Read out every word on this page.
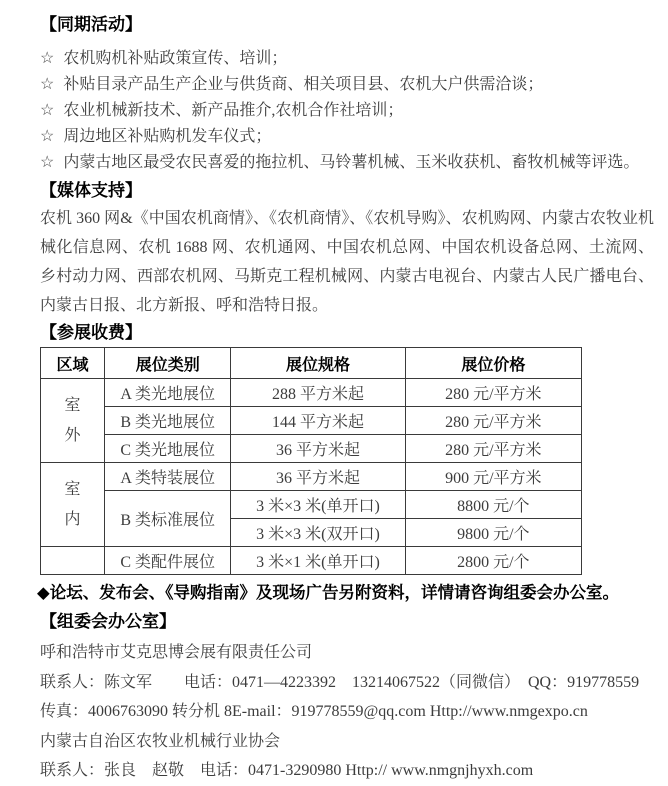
【同期活动】
☆ 农机购机补贴政策宣传、培训；
☆ 补贴目录产品生产企业与供货商、相关项目县、农机大户供需洽谈；
☆ 农业机械新技术、新产品推介,农机合作社培训；
☆ 周边地区补贴购机发车仪式；
☆ 内蒙古地区最受农民喜爱的拖拉机、马铃薯机械、玉米收获机、畜牧机械等评选。
【媒体支持】

农机 360 网&《中国农机商情》、《农机商情》、《农机导购》、农机购网、内蒙古农牧业机械化信息网、农机 1688 网、农机通网、中国农机总网、中国农机设备总网、土流网、乡村动力网、西部农机网、马斯克工程机械网、内蒙古电视台、内蒙古人民广播电台、内蒙古日报、北方新报、呼和浩特日报。

【参展收费】
区域	展位类别	展位规格	展位价格
室外	A 类光地展位	288 平方米起	280 元/平方米
	B 类光地展位	144 平方米起	280 元/平方米
	C 类光地展位	36 平方米起	280 元/平方米
室内	A 类特装展位	36 平方米起	900 元/平方米
	B 类标准展位	3 米×3 米(单开口)	8800 元/个
		3 米×3 米(双开口)	9800 元/个
	C 类配件展位	3 米×1 米(单开口)	2800 元/个
◆论坛、发布会、《导购指南》及现场广告另附资料，详情请咨询组委会办公室。
【组委会办公室】
呼和浩特市艾克思博会展有限责任公司
联系人：陈文军　　电话：0471—4223392　13214067522（同微信）　QQ：919778559
传真：4006763090 转分机 8E-mail：919778559@qq.com Http://www.nmgexpo.cn
内蒙古自治区农牧业机械行业协会
联系人：张良　赵敬　电话：0471-3290980 Http:// www.nmgnjhyxh.com
